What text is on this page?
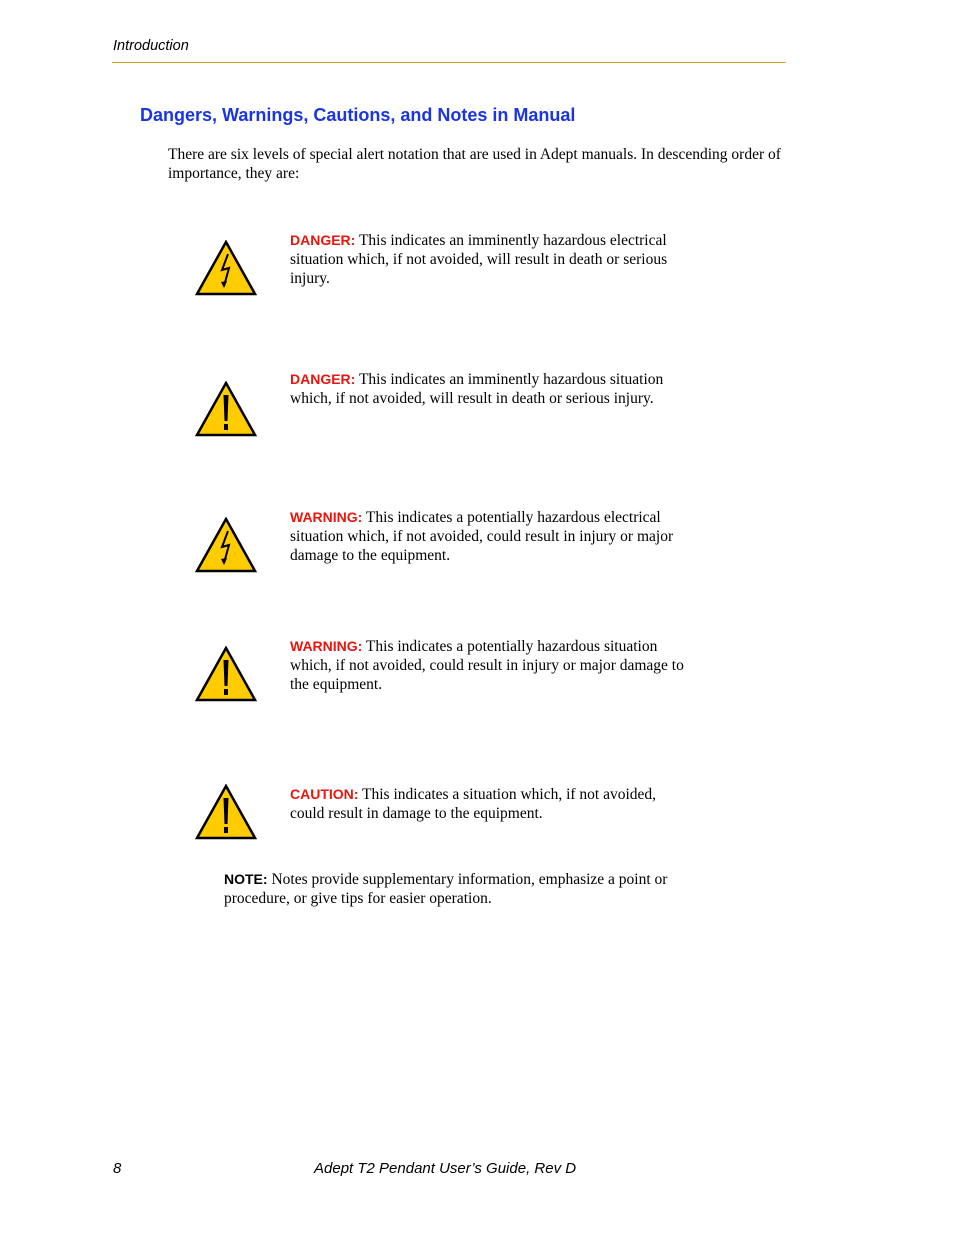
Introduction
Dangers, Warnings, Cautions, and Notes in Manual

There are six levels of special alert notation that are used in Adept manuals. In descending order of importance, they are:

DANGER: This indicates an imminently hazardous electrical situation which, if not avoided, will result in death or serious injury.

DANGER: This indicates an imminently hazardous situation which, if not avoided, will result in death or serious injury.

WARNING: This indicates a potentially hazardous electrical situation which, if not avoided, could result in injury or major damage to the equipment.

WARNING: This indicates a potentially hazardous situation which, if not avoided, could result in injury or major damage to the equipment.

CAUTION: This indicates a situation which, if not avoided, could result in damage to the equipment.

NOTE: Notes provide supplementary information, emphasize a point or procedure, or give tips for easier operation.

8	Adept T2 Pendant User’s Guide, Rev D
